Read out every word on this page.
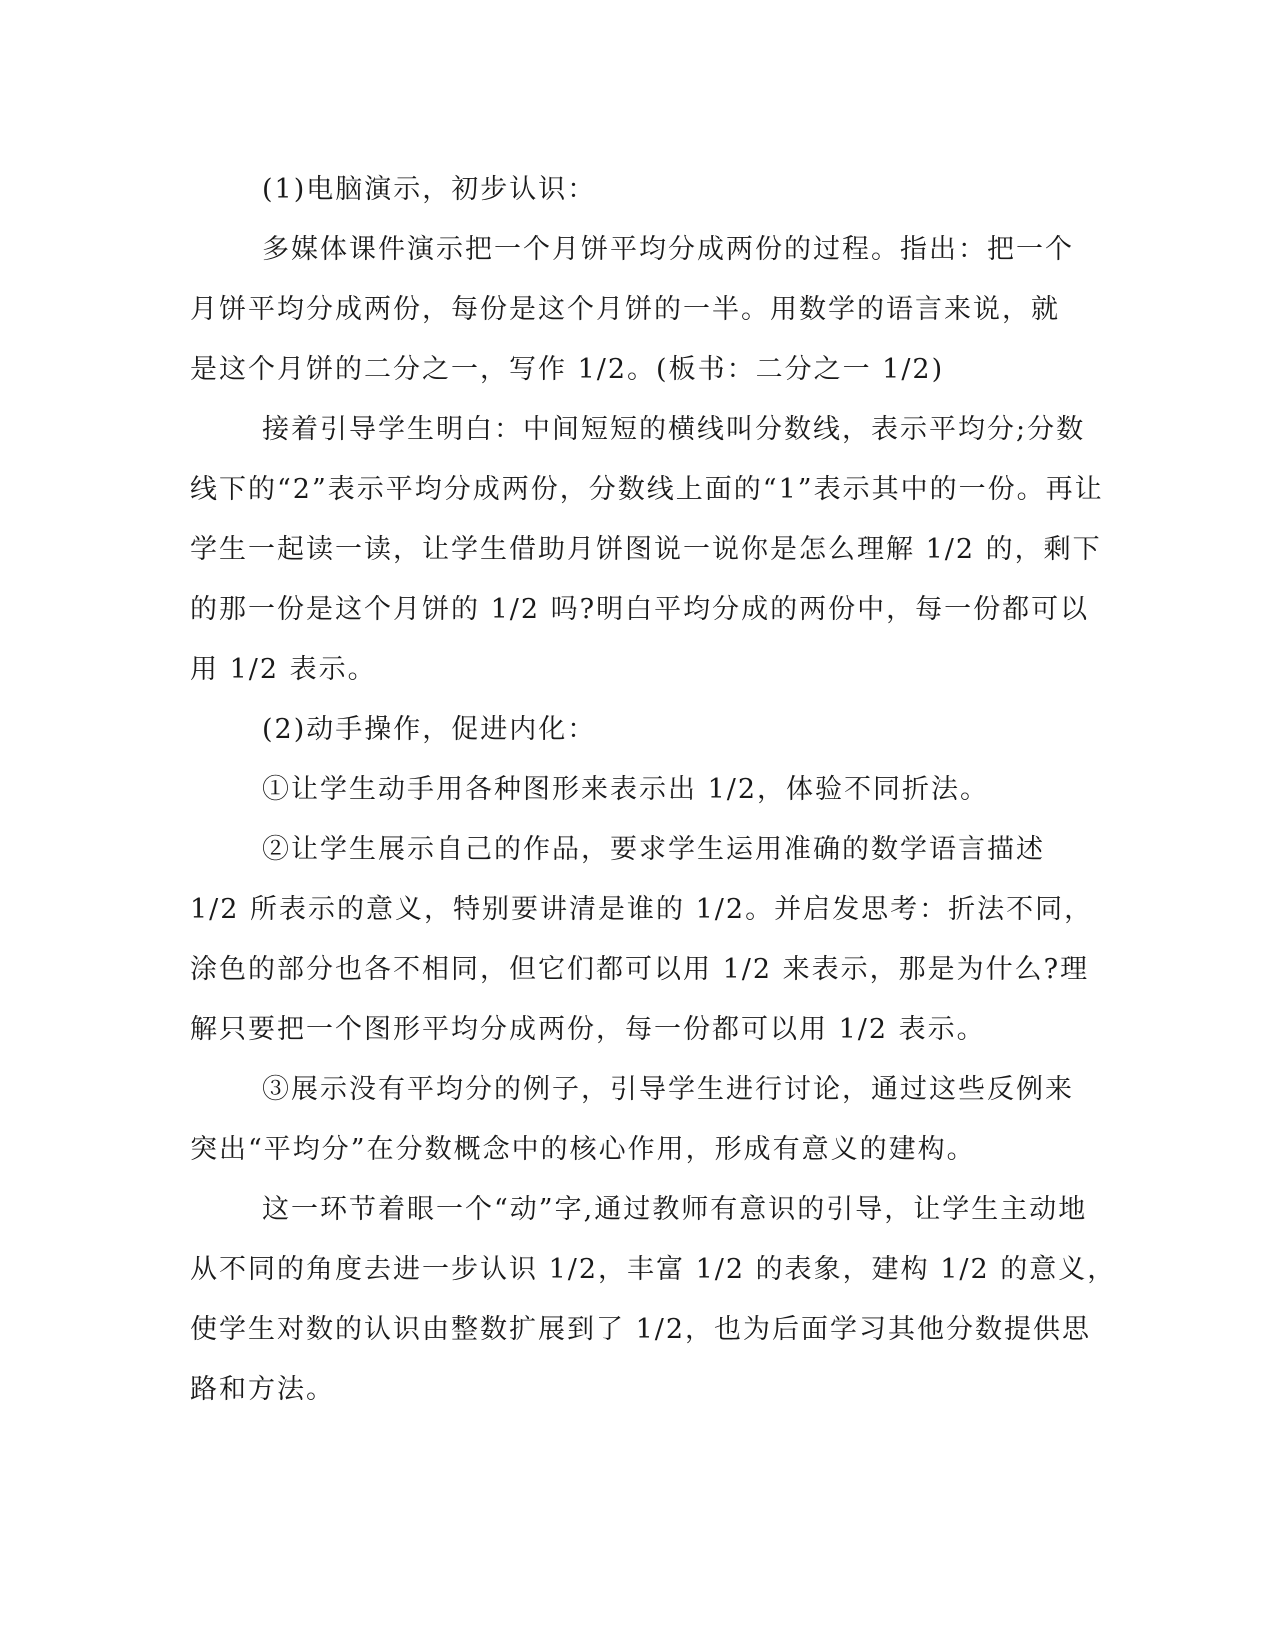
(1)电脑演示，初步认识：
多媒体课件演示把一个月饼平均分成两份的过程。指出：把一个
月饼平均分成两份，每份是这个月饼的一半。用数学的语言来说，就
是这个月饼的二分之一，写作 1/2。(板书：二分之一 1/2)
接着引导学生明白：中间短短的横线叫分数线，表示平均分;分数
线下的“2”表示平均分成两份，分数线上面的“1”表示其中的一份。再让
学生一起读一读，让学生借助月饼图说一说你是怎么理解 1/2 的，剩下
的那一份是这个月饼的 1/2 吗?明白平均分成的两份中，每一份都可以
用 1/2 表示。
(2)动手操作，促进内化：
①让学生动手用各种图形来表示出 1/2，体验不同折法。
②让学生展示自己的作品，要求学生运用准确的数学语言描述
1/2 所表示的意义，特别要讲清是谁的 1/2。并启发思考：折法不同，
涂色的部分也各不相同，但它们都可以用 1/2 来表示，那是为什么?理
解只要把一个图形平均分成两份，每一份都可以用 1/2 表示。
③展示没有平均分的例子，引导学生进行讨论，通过这些反例来
突出“平均分”在分数概念中的核心作用，形成有意义的建构。
这一环节着眼一个“动”字,通过教师有意识的引导，让学生主动地
从不同的角度去进一步认识 1/2，丰富 1/2 的表象，建构 1/2 的意义，
使学生对数的认识由整数扩展到了 1/2，也为后面学习其他分数提供思
路和方法。
